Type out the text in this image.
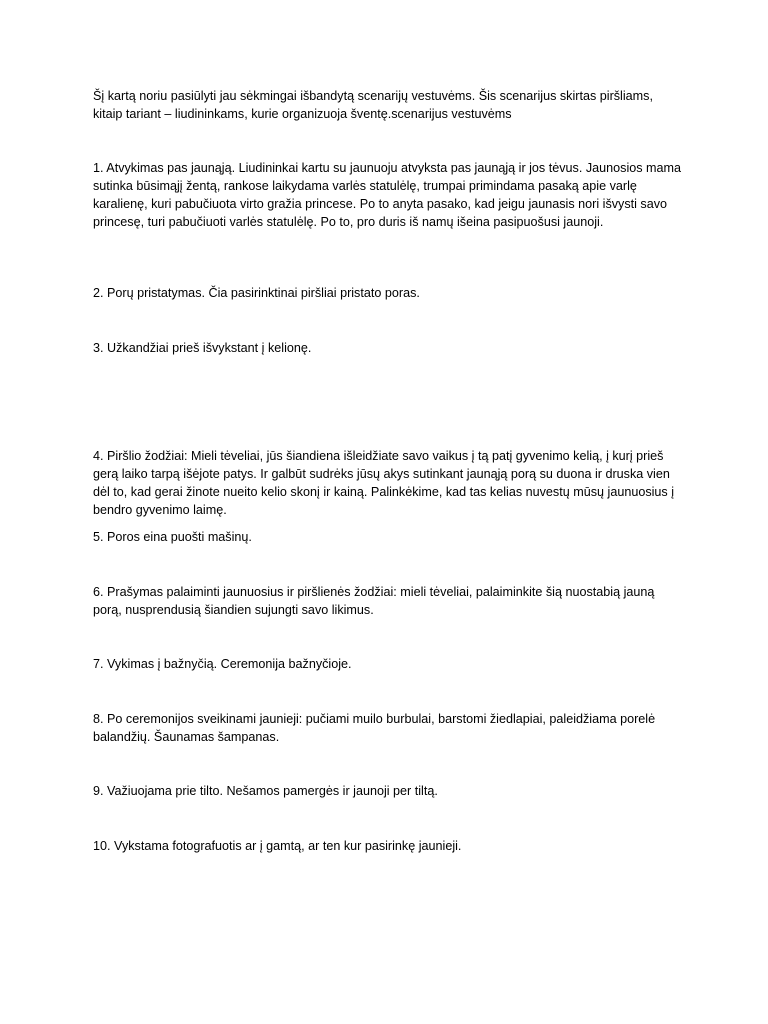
Šį kartą noriu pasiūlyti jau sėkmingai išbandytą scenarijų vestuvėms. Šis scenarijus skirtas piršliams, kitaip tariant – liudininkams, kurie organizuoja šventę.scenarijus vestuvėms

1. Atvykimas pas jaunąją. Liudininkai kartu su jaunuoju atvyksta pas jaunąją ir jos tėvus. Jaunosios mama sutinka būsimąjį žentą, rankose laikydama varlės statulėlę, trumpai primindama pasaką apie varlę karalienę, kuri pabučiuota virto gražia princese. Po to anyta pasako, kad jeigu jaunasis nori išvysti savo princesę, turi pabučiuoti varlės statulėlę. Po to, pro duris iš namų išeina pasipuošusi jaunoji.

2. Porų pristatymas. Čia pasirinktinai piršliai pristato poras.

3. Užkandžiai prieš išvykstant į kelionę.

4. Piršlio žodžiai: Mieli tėveliai, jūs šiandiena išleidžiate savo vaikus į tą patį gyvenimo kelią, į kurį prieš gerą laiko tarpą išėjote patys. Ir galbūt sudrėks jūsų akys sutinkant jaunąją porą su duona ir druska vien dėl to, kad gerai žinote nueito kelio skonį ir kainą. Palinkėkime, kad tas kelias nuvestų mūsų jaunuosius į bendro gyvenimo laimę.

5. Poros eina puošti mašinų.

6. Prašymas palaiminti jaunuosius ir piršlienės žodžiai: mieli tėveliai, palaiminkite šią nuostabią jauną porą, nusprendusią šiandien sujungti savo likimus.

7. Vykimas į bažnyčią. Ceremonija bažnyčioje.

8. Po ceremonijos sveikinami jaunieji: pučiami muilo burbulai, barstomi žiedlapiai, paleidžiama porelė balandžių. Šaunamas šampanas.

9. Važiuojama prie tilto. Nešamos pamergės ir jaunoji per tiltą.

10. Vykstama fotografuotis ar į gamtą, ar ten kur pasirinkę jaunieji.
